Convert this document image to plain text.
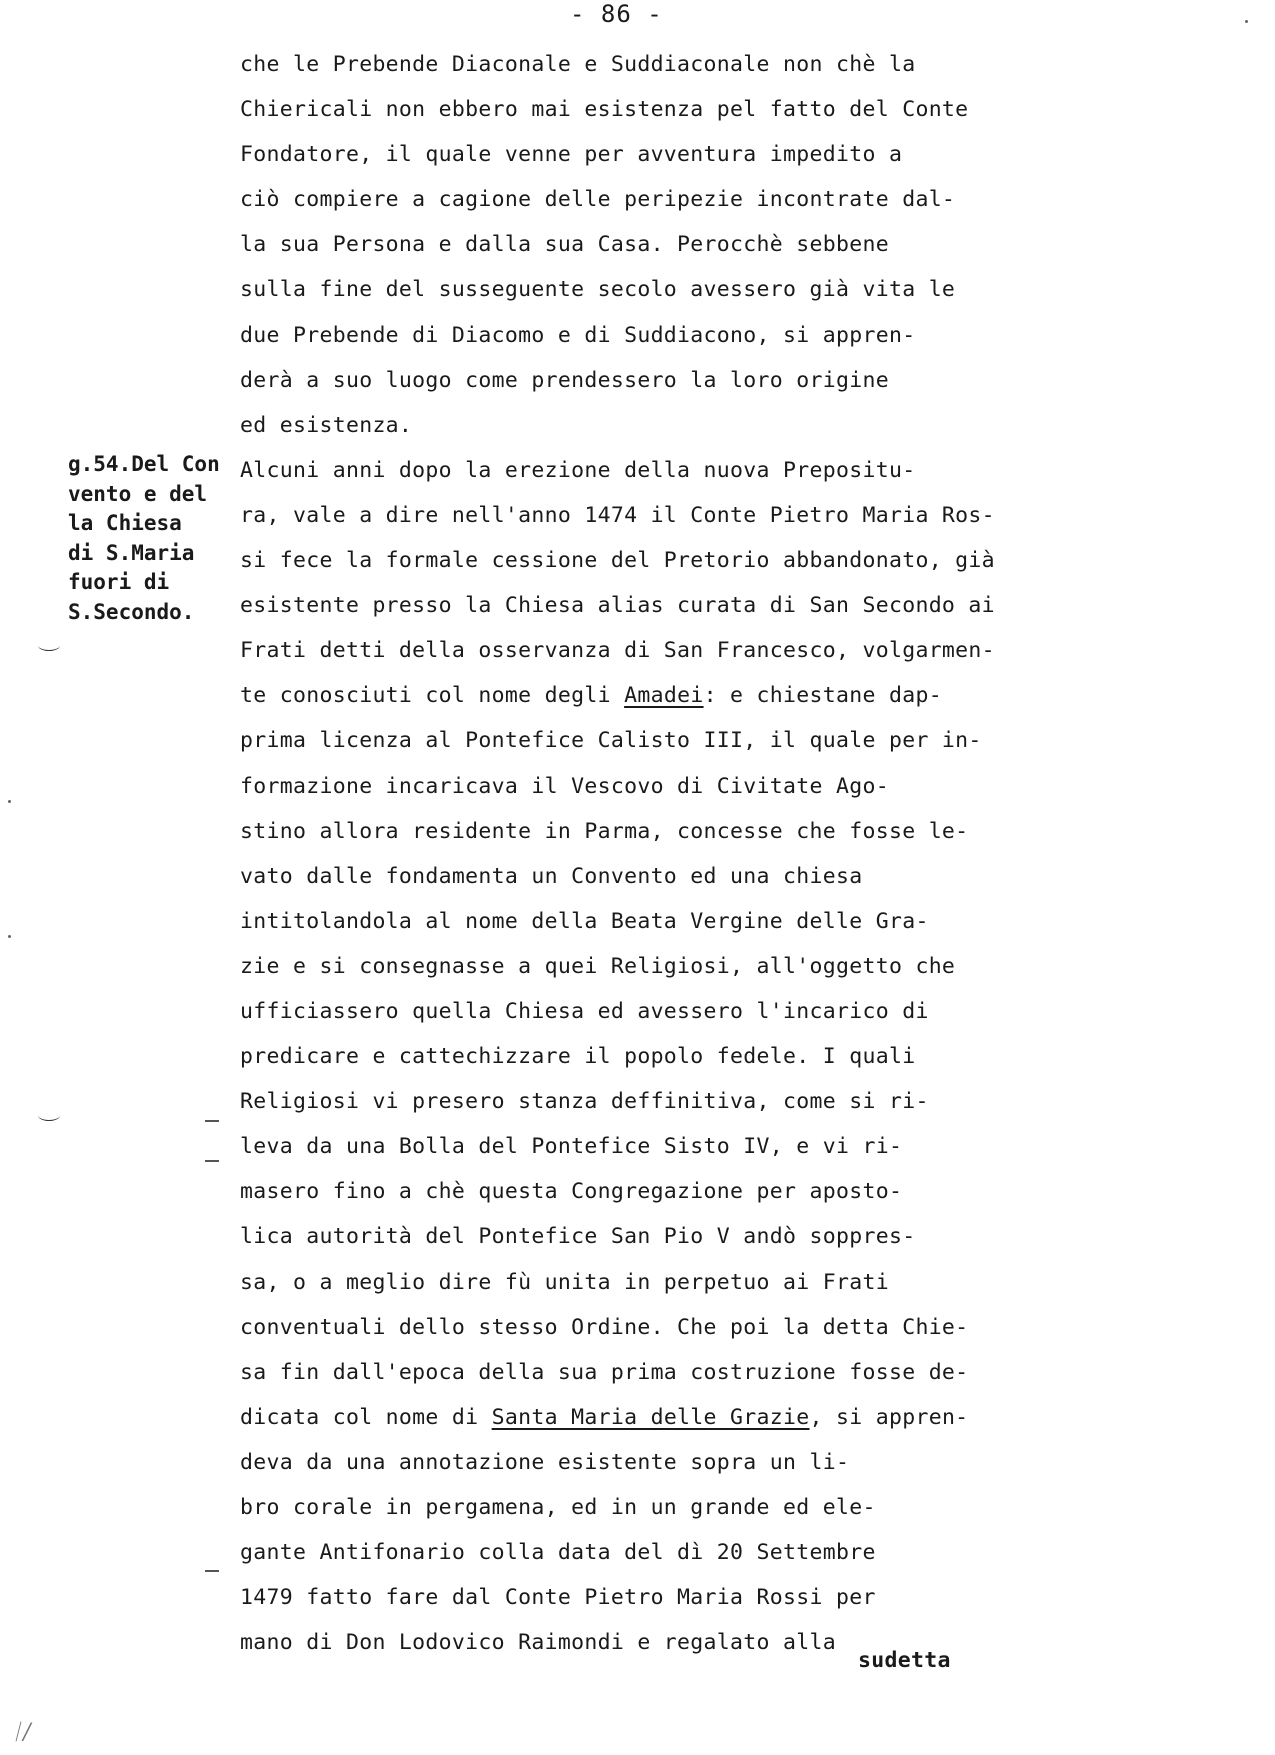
- 86 -
g.54.Del Con
vento e del
la Chiesa
di S.Maria
fuori di
S.Secondo.
che le Prebende Diaconale e Suddiaconale non chè la
Chiericali non ebbero mai esistenza pel fatto del Conte
Fondatore, il quale venne per avventura impedito a
ciò compiere a cagione delle peripezie incontrate dal-
la sua Persona e dalla sua Casa. Perocchè sebbene
sulla fine del susseguente secolo avessero già vita le
due Prebende di Diacomo e di Suddiacono, si appren-
derà a suo luogo come prendessero la loro origine
ed esistenza.
Alcuni anni dopo la erezione della nuova Prepositu-
ra, vale a dire nell'anno 1474 il Conte Pietro Maria Ros-
si fece la formale cessione del Pretorio abbandonato, già
esistente presso la Chiesa alias curata di San Secondo ai
Frati detti della osservanza di San Francesco, volgarmen-
te conosciuti col nome degli Amadei: e chiestane dap-
prima licenza al Pontefice Calisto III, il quale per in-
formazione incaricava il Vescovo di Civitate Ago-
stino allora residente in Parma, concesse che fosse le-
vato dalle fondamenta un Convento ed una chiesa
intitolandola al nome della Beata Vergine delle Gra-
zie e si consegnasse a quei Religiosi, all'oggetto che
ufficiassero quella Chiesa ed avessero l'incarico di
predicare e cattechizzare il popolo fedele. I quali
Religiosi vi presero stanza deffinitiva, come si ri-
leva da una Bolla del Pontefice Sisto IV, e vi ri-
masero fino a chè questa Congregazione per aposto-
lica autorità del Pontefice San Pio V andò soppres-
sa, o a meglio dire fù unita in perpetuo ai Frati
conventuali dello stesso Ordine. Che poi la detta Chie-
sa fin dall'epoca della sua prima costruzione fosse de-
dicata col nome di Santa Maria delle Grazie, si appren-
deva da una annotazione esistente sopra un li-
bro corale in pergamena, ed in un grande ed ele-
gante Antifonario colla data del dì 20 Settembre
1479 fatto fare dal Conte Pietro Maria Rossi per
mano di Don Lodovico Raimondi e regalato alla
sudetta
ᛁ/
